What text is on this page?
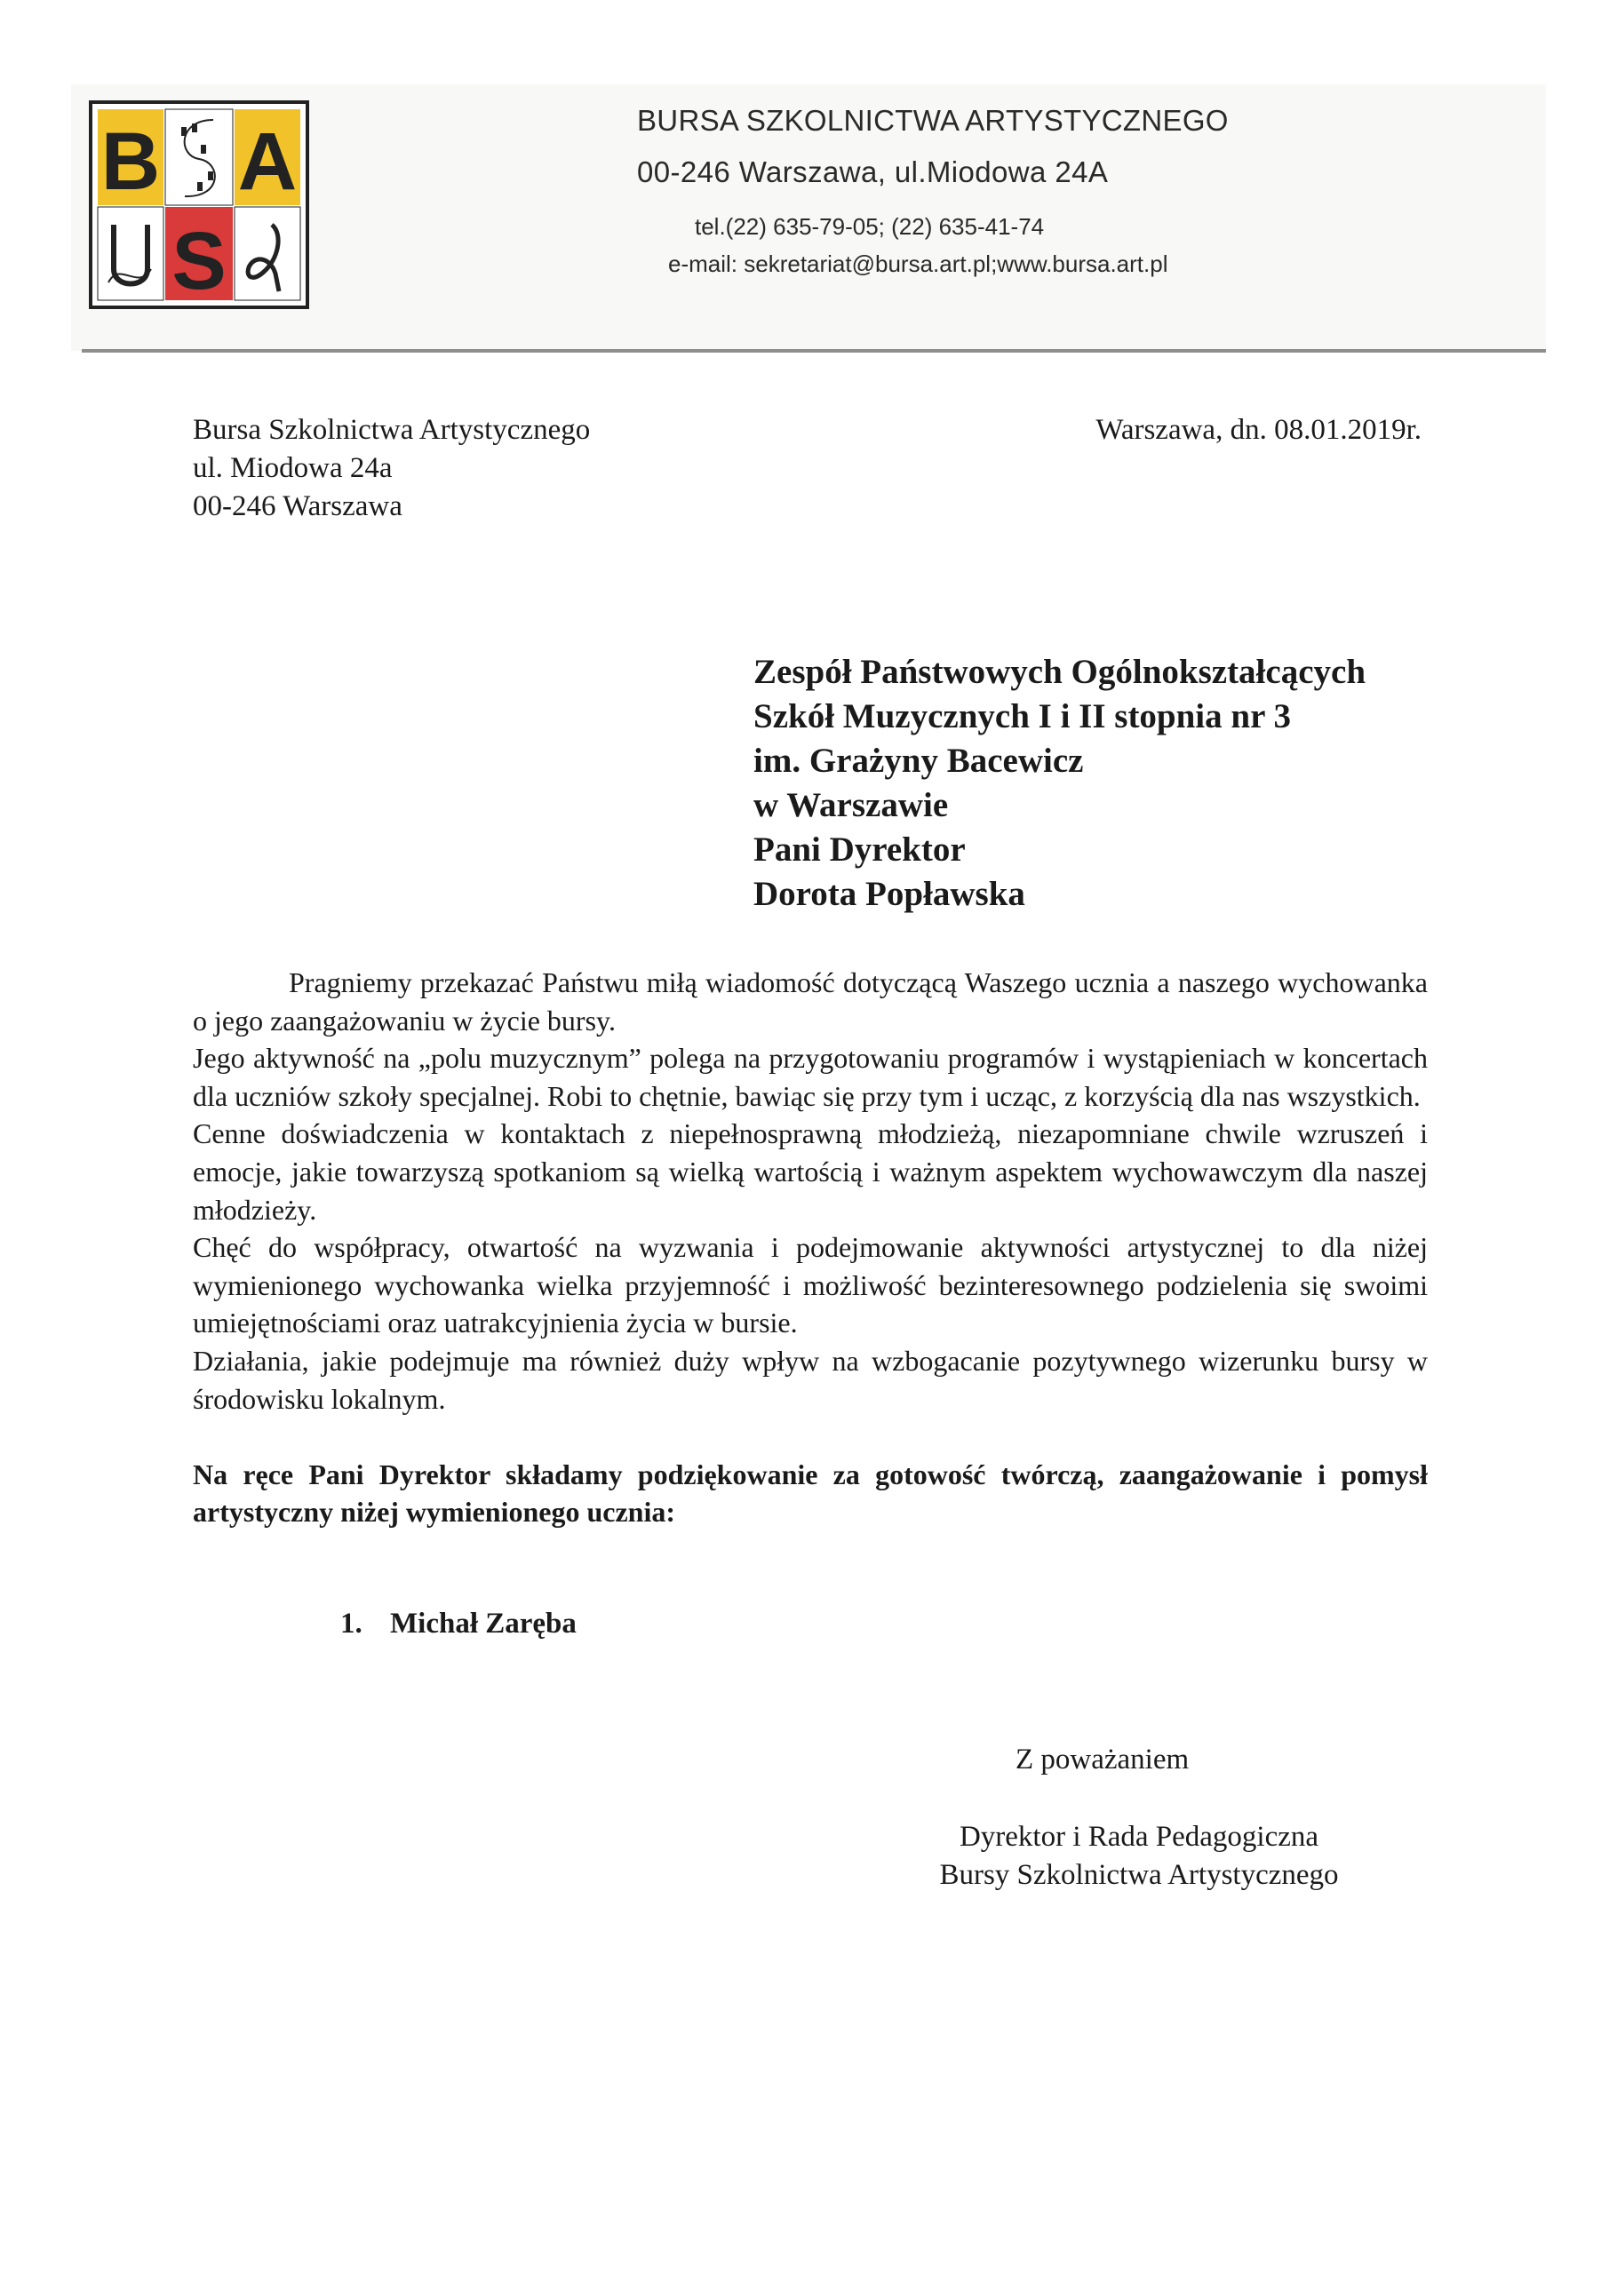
B A
S
BURSA SZKOLNICTWA ARTYSTYCZNEGO
00-246 Warszawa, ul.Miodowa 24A
tel.(22) 635-79-05; (22) 635-41-74
e-mail: sekretariat@bursa.art.pl;www.bursa.art.pl
Bursa Szkolnictwa Artystycznego
ul. Miodowa 24a
00-246 Warszawa
Warszawa, dn. 08.01.2019r.
Zespół Państwowych Ogólnokształcących
Szkół Muzycznych I i II stopnia nr 3
im. Grażyny Bacewicz
w Warszawie
Pani Dyrektor
Dorota Popławska

Pragniemy przekazać Państwu miłą wiadomość dotyczącą Waszego ucznia a naszego wychowanka o jego zaangażowaniu w życie bursy.

Jego aktywność na „polu muzycznym” polega na przygotowaniu programów i wystąpieniach w koncertach dla uczniów szkoły specjalnej. Robi to chętnie, bawiąc się przy tym i ucząc, z korzyścią dla nas wszystkich.

Cenne doświadczenia w kontaktach z niepełnosprawną młodzieżą, niezapomniane chwile wzruszeń i emocje, jakie towarzyszą spotkaniom są wielką wartością i ważnym aspektem wychowawczym dla naszej młodzieży.

Chęć do współpracy, otwartość na wyzwania i podejmowanie aktywności artystycznej to dla niżej wymienionego wychowanka wielka przyjemność i możliwość bezinteresownego podzielenia się swoimi umiejętnościami oraz uatrakcyjnienia życia w bursie.

Działania, jakie podejmuje ma również duży wpływ na wzbogacanie pozytywnego wizerunku bursy w środowisku lokalnym.

Na ręce Pani Dyrektor składamy podziękowanie za gotowość twórczą, zaangażowanie i pomysł artystyczny niżej wymienionego ucznia:

1. Michał Zaręba
Z poważaniem
Dyrektor i Rada Pedagogiczna
Bursy Szkolnictwa Artystycznego
